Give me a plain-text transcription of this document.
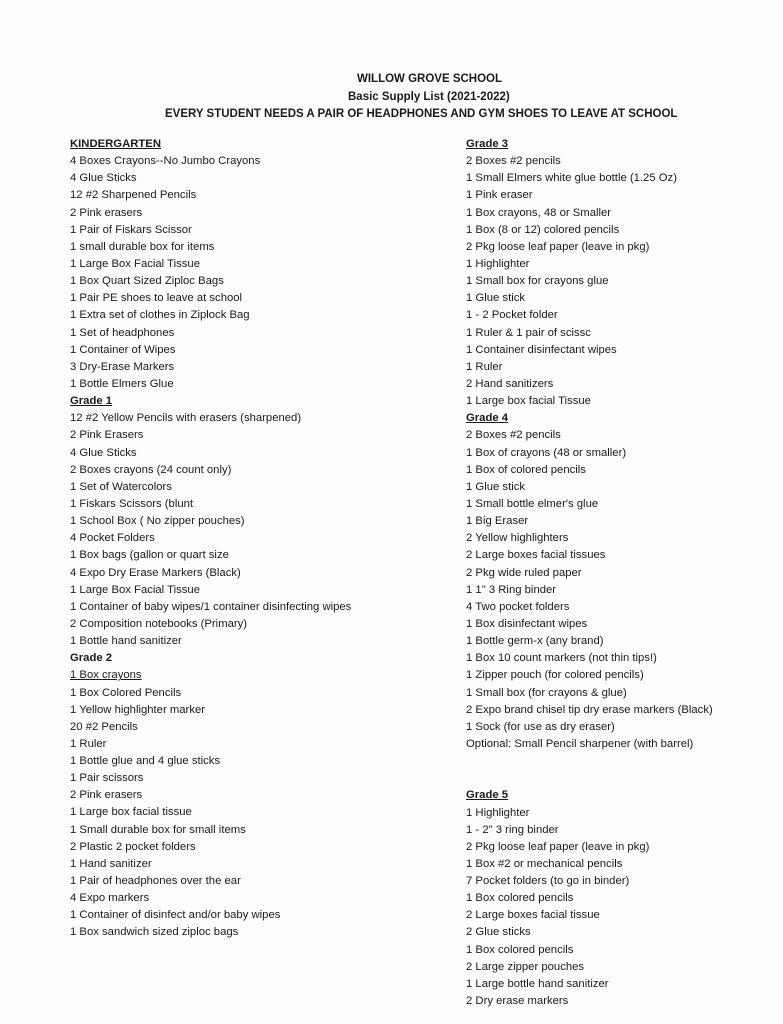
WILLOW GROVE SCHOOL
Basic Supply List (2021-2022)
EVERY STUDENT NEEDS A PAIR OF HEADPHONES AND GYM SHOES TO LEAVE AT SCHOOL
KINDERGARTEN
4 Boxes Crayons--No Jumbo Crayons
4 Glue Sticks
12 #2 Sharpened Pencils
2 Pink erasers
1 Pair of Fiskars Scissor
1 small durable box for items
1 Large Box Facial Tissue
1 Box Quart Sized Ziploc Bags
1 Pair PE shoes to leave at school
1 Extra set of clothes in Ziplock Bag
1 Set of headphones
1 Container of Wipes
3 Dry-Erase Markers
1 Bottle Elmers Glue
Grade 1
12 #2 Yellow Pencils with erasers (sharpened)
2 Pink Erasers
4 Glue Sticks
2 Boxes crayons (24 count only)
1 Set of Watercolors
1 Fiskars Scissors (blunt
1 School Box ( No zipper pouches)
4 Pocket Folders
1 Box bags (gallon or quart size
4 Expo Dry Erase Markers (Black)
1 Large Box Facial Tissue
1 Container of baby wipes/1 container disinfecting wipes
2 Composition notebooks (Primary)
1 Bottle hand sanitizer
Grade 2
1 Box crayons
1 Box Colored Pencils
1 Yellow highlighter marker
20 #2 Pencils
1 Ruler
1 Bottle glue and 4 glue sticks
1 Pair scissors
2 Pink erasers
1 Large box facial tissue
1 Small durable box for small items
2 Plastic 2 pocket folders
1 Hand sanitizer
1 Pair of headphones over the ear
4 Expo markers
1 Container of disinfect and/or baby wipes
1 Box sandwich sized ziploc bags
Grade 3
2 Boxes #2 pencils
1 Small Elmers white glue bottle (1.25 Oz)
1 Pink eraser
1 Box crayons, 48 or Smaller
1 Box (8 or 12) colored pencils
2 Pkg loose leaf paper (leave in pkg)
1 Highlighter
1 Small box for crayons glue
1 Glue stick
1 - 2 Pocket folder
1 Ruler & 1 pair of scissc
1 Container disinfectant wipes
1 Ruler
2 Hand sanitizers
1 Large box facial Tissue
Grade 4
2 Boxes #2 pencils
1 Box of crayons (48 or smaller)
1 Box of colored pencils
1 Glue stick
1 Small bottle elmer's glue
1 Big Eraser
2 Yellow highlighters
2 Large boxes facial tissues
2 Pkg wide ruled paper
1 1" 3 Ring binder
4 Two pocket folders
1 Box disinfectant wipes
1 Bottle germ-x (any brand)
1 Box 10 count markers (not thin tips!)
1 Zipper pouch (for colored pencils)
1 Small box (for crayons & glue)
2 Expo brand chisel tip dry erase markers (Black)
1 Sock (for use as dry eraser)
Optional: Small Pencil sharpener (with barrel)
Grade 5
1 Highlighter
1 - 2" 3 ring binder
2 Pkg loose leaf paper (leave in pkg)
1 Box #2 or mechanical pencils
7 Pocket folders (to go in binder)
1 Box colored pencils
2 Large boxes facial tissue
2 Glue sticks
1 Box colored pencils
2 Large zipper pouches
1 Large bottle hand sanitizer
2 Dry erase markers
